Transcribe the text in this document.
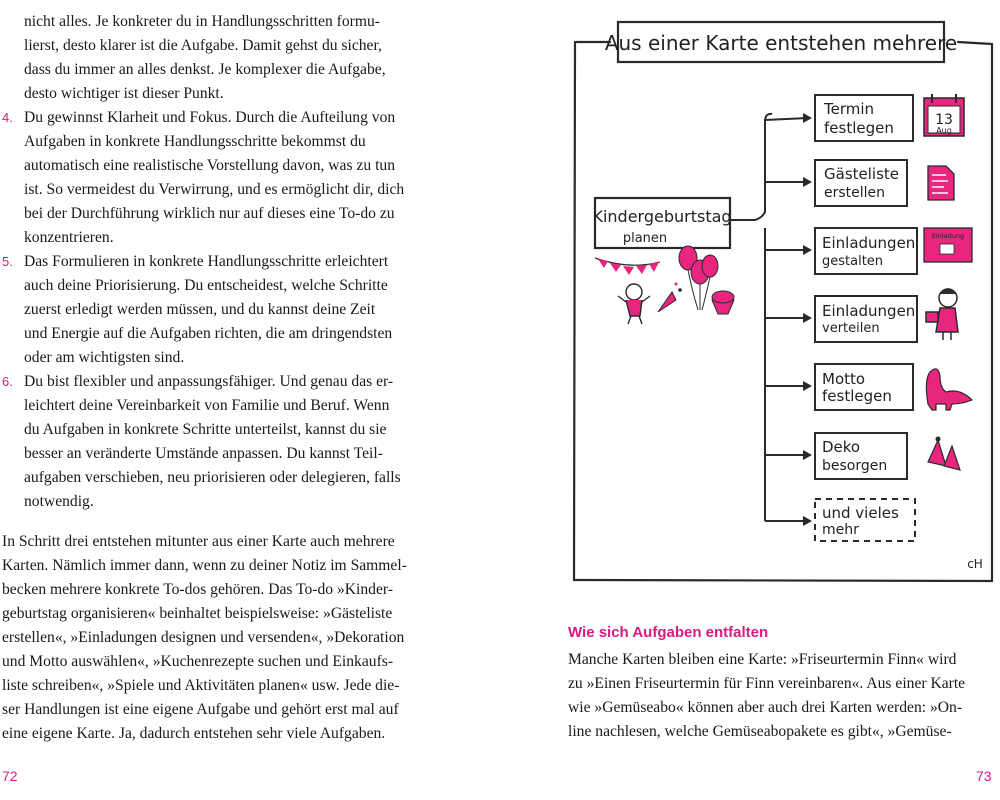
nicht alles. Je konkreter du in Handlungsschritten formu-
lierst, desto klarer ist die Aufgabe. Damit gehst du sicher,
dass du immer an alles denkst. Je komplexer die Aufgabe,
desto wichtiger ist dieser Punkt.
4. Du gewinnst Klarheit und Fokus. Durch die Aufteilung von
Aufgaben in konkrete Handlungsschritte bekommst du
automatisch eine realistische Vorstellung davon, was zu tun
ist. So vermeidest du Verwirrung, und es ermöglicht dir, dich
bei der Durchführung wirklich nur auf dieses eine To-do zu
konzentrieren.
5. Das Formulieren in konkrete Handlungsschritte erleichtert
auch deine Priorisierung. Du entscheidest, welche Schritte
zuerst erledigt werden müssen, und du kannst deine Zeit
und Energie auf die Aufgaben richten, die am dringendsten
oder am wichtigsten sind.
6. Du bist flexibler und anpassungsfähiger. Und genau das er-
leichtert deine Vereinbarkeit von Familie und Beruf. Wenn
du Aufgaben in konkrete Schritte unterteilst, kannst du sie
besser an veränderte Umstände anpassen. Du kannst Teil-
aufgaben verschieben, neu priorisieren oder delegieren, falls
notwendig.
In Schritt drei entstehen mitunter aus einer Karte auch mehrere
Karten. Nämlich immer dann, wenn zu deiner Notiz im Sammel-
becken mehrere konkrete To-dos gehören. Das To-do »Kinder-
geburtstag organisieren« beinhaltet beispielsweise: »Gästeliste
erstellen«, »Einladungen designen und versenden«, »Dekoration
und Motto auswählen«, »Kuchenrezepte suchen und Einkaufs-
liste schreiben«, »Spiele und Aktivitäten planen« usw. Jede die-
ser Handlungen ist eine eigene Aufgabe und gehört erst mal auf
eine eigene Karte. Ja, dadurch entstehen sehr viele Aufgaben.
72
Aus einer Karte entstehen mehrere
Kindergeburtstag
planen
Termin
festlegen
Gästeliste
erstellen
Einladungen
gestalten
Einladungen
verteilen
Motto
festlegen
Deko
besorgen
und vieles
mehr
13
Aug
Einladung
cH
Wie sich Aufgaben entfalten
Manche Karten bleiben eine Karte: »Friseurtermin Finn« wird
zu »Einen Friseurtermin für Finn vereinbaren«. Aus einer Karte
wie »Gemüseabo« können aber auch drei Karten werden: »On-
line nachlesen, welche Gemüseabopakete es gibt«, »Gemüse-
73
